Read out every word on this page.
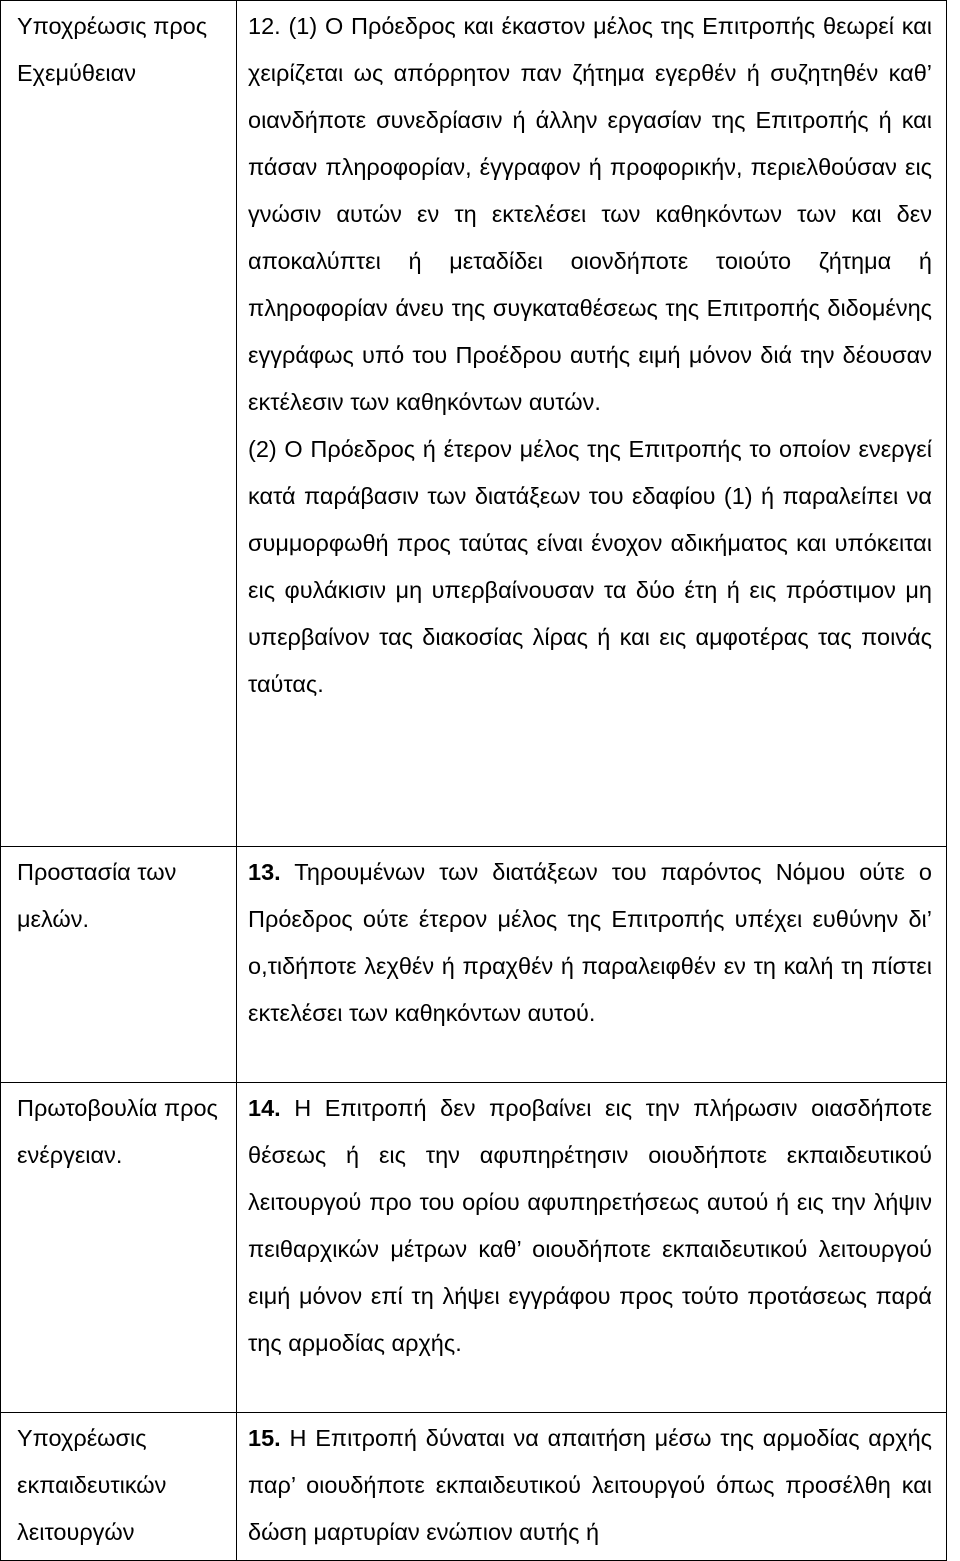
Υποχρέωσις προς Εχεμύθειαν	12. (1) Ο Πρόεδρος και έκαστον μέλος της Επιτροπής θεωρεί και χειρίζεται ως απόρρητον παν ζήτημα εγερθέν ή συζητηθέν καθ’ οιανδήποτε συνεδρίασιν ή άλλην εργασίαν της Επιτροπής ή και πάσαν πληροφορίαν, έγγραφον ή προφορικήν, περιελθούσαν εις γνώσιν αυτών εν τη εκτελέσει των καθηκόντων των και δεν αποκαλύπτει ή μεταδίδει οιονδήποτε τοιούτο ζήτημα ή πληροφορίαν άνευ της συγκαταθέσεως της Επιτροπής διδομένης εγγράφως υπό του Προέδρου αυτής ειμή μόνον διά την δέουσαν εκτέλεσιν των καθηκόντων αυτών.

(2) Ο Πρόεδρος ή έτερον μέλος της Επιτροπής το οποίον ενεργεί κατά παράβασιν των διατάξεων του εδαφίου (1) ή παραλείπει να συμμορφωθή προς ταύτας είναι ένοχον αδικήματος και υπόκειται εις φυλάκισιν μη υπερβαίνουσαν τα δύο έτη ή εις πρόστιμον μη υπερβαίνον τας διακοσίας λίρας ή και εις αμφοτέρας τας ποινάς ταύτας.

Προστασία των μελών.	13. Τηρουμένων των διατάξεων του παρόντος Νόμου ούτε ο Πρόεδρος ούτε έτερον μέλος της Επιτροπής υπέχει ευθύνην δι’ ο,τιδήποτε λεχθέν ή πραχθέν ή παραλειφθέν εν τη καλή τη πίστει εκτελέσει των καθηκόντων αυτού.

Πρωτοβουλία προς ενέργειαν.	14. Η Επιτροπή δεν προβαίνει εις την πλήρωσιν οιασδήποτε θέσεως ή εις την αφυπηρέτησιν οιουδήποτε εκπαιδευτικού λειτουργού προ του ορίου αφυπηρετήσεως αυτού ή εις την λήψιν πειθαρχικών μέτρων καθ’ οιουδήποτε εκπαιδευτικού λειτουργού ειμή μόνον επί τη λήψει εγγράφου προς τούτο προτάσεως παρά της αρμοδίας αρχής.

Υποχρέωσις εκπαιδευτικών λειτουργών	15. Η Επιτροπή δύναται να απαιτήση μέσω της αρμοδίας αρχής παρ’ οιουδήποτε εκπαιδευτικού λειτουργού όπως προσέλθη και δώση μαρτυρίαν ενώπιον αυτής ή
